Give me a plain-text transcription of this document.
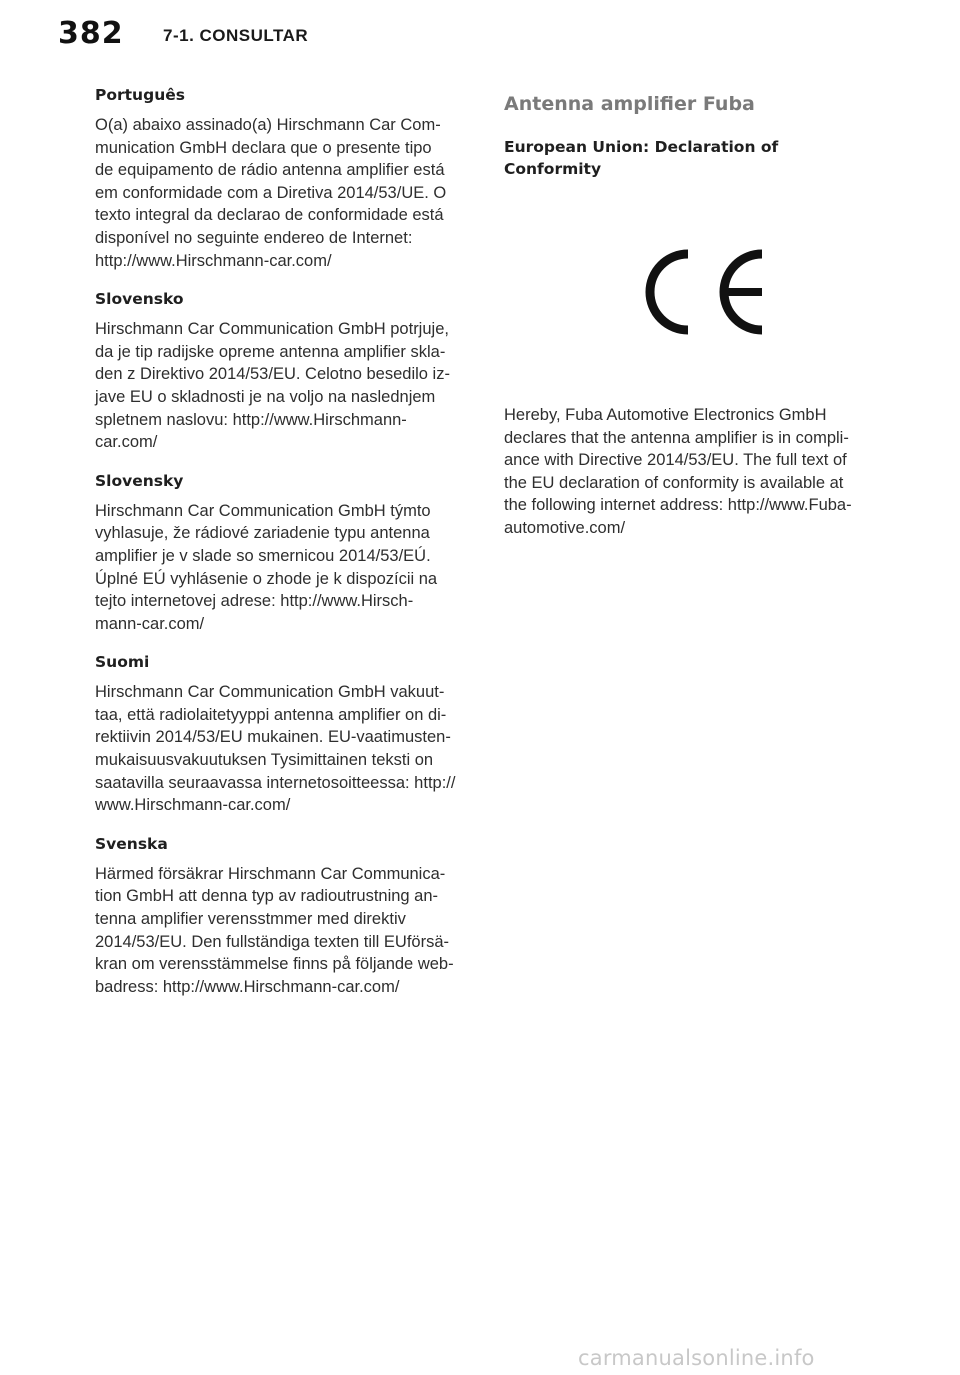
382 7-1. CONSULTAR
Português

O(a) abaixo assinado(a) Hirschmann Car Com-
munication GmbH declara que o presente tipo
de equipamento de rádio antenna amplifier está
em conformidade com a Diretiva 2014/53/UE. O
texto integral da declarao de conformidade está
disponível no seguinte endereo de Internet:
http://www.Hirschmann-car.com/

Slovensko

Hirschmann Car Communication GmbH potrjuje,
da je tip radijske opreme antenna amplifier skla-
den z Direktivo 2014/53/EU. Celotno besedilo iz-
jave EU o skladnosti je na voljo na naslednjem
spletnem naslovu: http://www.Hirschmann-
car.com/

Slovensky

Hirschmann Car Communication GmbH týmto
vyhlasuje, že rádiové zariadenie typu antenna
amplifier je v slade so smernicou 2014/53/EÚ.
Úplné EÚ vyhlásenie o zhode je k dispozícii na
tejto internetovej adrese: http://www.Hirsch-
mann-car.com/

Suomi

Hirschmann Car Communication GmbH vakuut-
taa, että radiolaitetyyppi antenna amplifier on di-
rektiivin 2014/53/EU mukainen. EU-vaatimusten-
mukaisuusvakuutuksen Tysimittainen teksti on
saatavilla seuraavassa internetosoitteessa: http://
www.Hirschmann-car.com/

Svenska

Härmed försäkrar Hirschmann Car Communica-
tion GmbH att denna typ av radioutrustning an-
tenna amplifier verensstmmer med direktiv
2014/53/EU. Den fullständiga texten till EUförsä-
kran om verensstämmelse finns på följande web-
badress: http://www.Hirschmann-car.com/

Antenna amplifier Fuba
European Union: Declaration of Conformity

Hereby, Fuba Automotive Electronics GmbH
declares that the antenna amplifier is in compli-
ance with Directive 2014/53/EU. The full text of
the EU declaration of conformity is available at
the following internet address: http://www.Fuba-
automotive.com/

carmanualsonline.info
